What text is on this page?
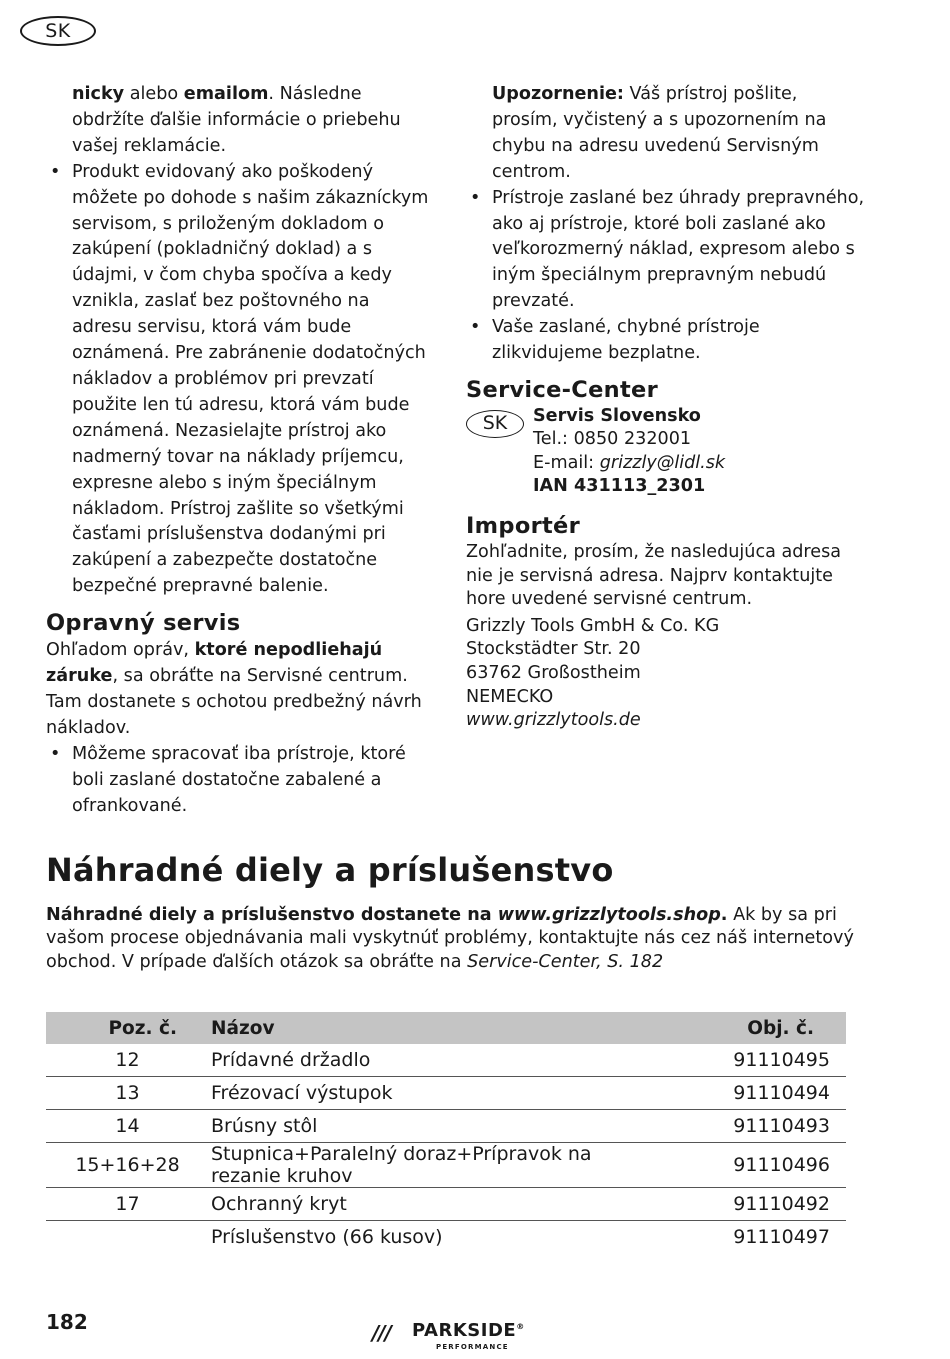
SK

nicky alebo emailom. Následne obdržíte ďalšie informácie o priebehu vašej reklamácie.

• Produkt evidovaný ako poškodený môžete po dohode s našim zákazníckym servisom, s priloženým dokladom o zakúpení (pokladničný doklad) a s údajmi, v čom chyba spočíva a kedy vznikla, zaslať bez poštovného na adresu servisu, ktorá vám bude oznámená. Pre zabránenie dodatočných nákladov a problémov pri prevzatí použite len tú adresu, ktorá vám bude oznámená. Nezasielajte prístroj ako nadmerný tovar na náklady príjemcu, expresne alebo s iným špeciálnym nákladom. Prístroj zašlite so všetkými časťami príslušenstva dodanými pri zakúpení a zabezpečte dostatočne bezpečné prepravné balenie.

Opravný servis

Ohľadom opráv, ktoré nepodliehajú záruke, sa obráťte na Servisné centrum. Tam dostanete s ochotou predbežný návrh nákladov.

• Môžeme spracovať iba prístroje, ktoré boli zaslané dostatočne zabalené a ofrankované.

Upozornenie: Váš prístroj pošlite, prosím, vyčistený a s upozornením na chybu na adresu uvedenú Servisným centrom.

• Prístroje zaslané bez úhrady prepravného, ako aj prístroje, ktoré boli zaslané ako veľkorozmerný náklad, expresom alebo s iným špeciálnym prepravným nebudú prevzaté.

• Vaše zaslané, chybné prístroje zlikvidujeme bezplatne.

Service-Center
SK	Servis Slovensko
Tel.: 0850 232001
E-mail: grizzly@lidl.sk
IAN 431113_2301
Importér

Zohľadnite, prosím, že nasledujúca adresa nie je servisná adresa. Najprv kontaktujte hore uvedené servisné centrum.

Grizzly Tools GmbH & Co. KG

Stockstädter Str. 20

63762 Großostheim

NEMECKO

www.grizzlytools.de

Náhradné diely a príslušenstvo

Náhradné diely a príslušenstvo dostanete na www.grizzlytools.shop. Ak by sa pri vašom procese objednávania mali vyskytnúť problémy, kontaktujte nás cez náš internetový obchod. V prípade ďalších otázok sa obráťte na Service-Center, S. 182

Poz. č.	Názov	Obj. č.
12	Prídavné držadlo	91110495
13	Frézovací výstupok	91110494
14	Brúsny stôl	91110493
15+16+28	Stupnica+Paralelný doraz+Prípravok na rezanie kruhov	91110496
17	Ochranný kryt	91110492
	Príslušenstvo (66 kusov)	91110497
182	/// PARKSIDE®
PERFORMANCE
